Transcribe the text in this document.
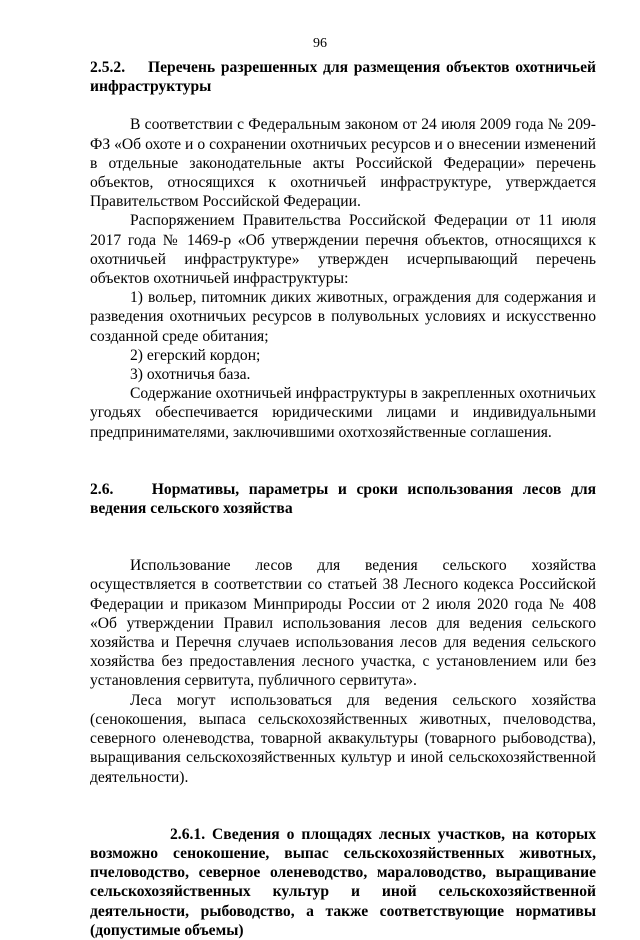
96

2.5.2. Перечень разрешенных для размещения объектов охотничьей инфраструктуры

В соответствии с Федеральным законом от 24 июля 2009 года № 209-ФЗ «Об охоте и о сохранении охотничьих ресурсов и о внесении изменений в отдельные законодательные акты Российской Федерации» перечень объектов, относящихся к охотничьей инфраструктуре, утверждается Правительством Российской Федерации.

Распоряжением Правительства Российской Федерации от 11 июля 2017 года № 1469-р «Об утверждении перечня объектов, относящихся к охотничьей инфраструктуре» утвержден исчерпывающий перечень объектов охотничьей инфраструктуры:

1) вольер, питомник диких животных, ограждения для содержания и разведения охотничьих ресурсов в полувольных условиях и искусственно созданной среде обитания;

2) егерский кордон;

3) охотничья база.

Содержание охотничьей инфраструктуры в закрепленных охотничьих угодьях обеспечивается юридическими лицами и индивидуальными предпринимателями, заключившими охотхозяйственные соглашения.

2.6. Нормативы, параметры и сроки использования лесов для ведения сельского хозяйства

Использование лесов для ведения сельского хозяйства осуществляется в соответствии со статьей 38 Лесного кодекса Российской Федерации и приказом Минприроды России от 2 июля 2020 года № 408 «Об утверждении Правил использования лесов для ведения сельского хозяйства и Перечня случаев использования лесов для ведения сельского хозяйства без предоставления лесного участка, с установлением или без установления сервитута, публичного сервитута».

Леса могут использоваться для ведения сельского хозяйства (сенокошения, выпаса сельскохозяйственных животных, пчеловодства, северного оленеводства, товарной аквакультуры (товарного рыбоводства), выращивания сельскохозяйственных культур и иной сельскохозяйственной деятельности).

2.6.1. Сведения о площадях лесных участков, на которых возможно сенокошение, выпас сельскохозяйственных животных, пчеловодство, северное оленеводство, мараловодство, выращивание сельскохозяйственных культур и иной сельскохозяйственной деятельности, рыбоводство, а также соответствующие нормативы (допустимые объемы)
